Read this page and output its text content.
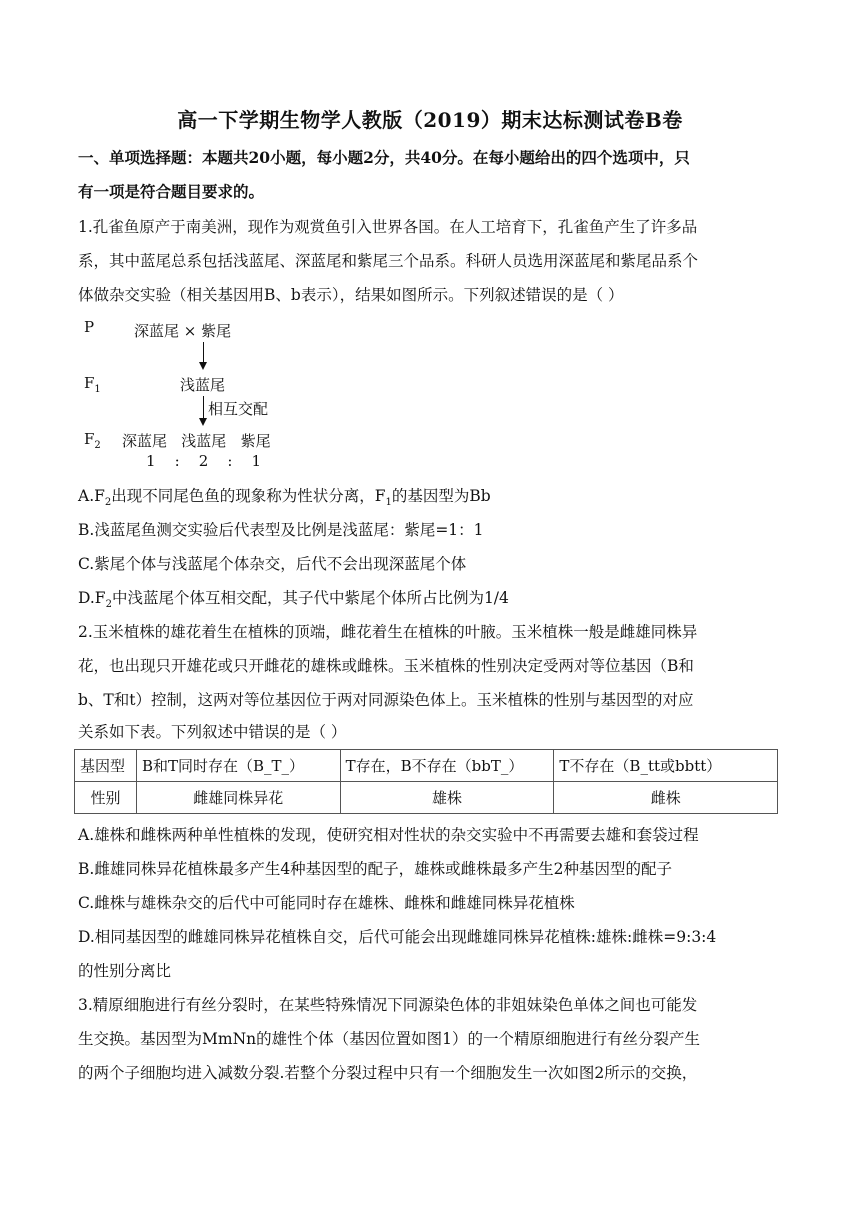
高一下学期生物学人教版（2019）期末达标测试卷B卷
一、单项选择题：本题共20小题，每小题2分，共40分。在每小题给出的四个选项中，只
有一项是符合题目要求的。
1.孔雀鱼原产于南美洲，现作为观赏鱼引入世界各国。在人工培育下，孔雀鱼产生了许多品
系，其中蓝尾总系包括浅蓝尾、深蓝尾和紫尾三个品系。科研人员选用深蓝尾和紫尾品系个
体做杂交实验（相关基因用B、b表示），结果如图所示。下列叙述错误的是（ ）
P	深蓝尾 × 紫尾
$F_1$	浅蓝尾
相互交配
$F_2$ 深蓝尾   浅蓝尾   紫尾
1    :    2    :    1
$A.F_2$出现不同尾色鱼的现象称为性状分离，$F_1$的基因型为Bb
B.浅蓝尾鱼测交实验后代表型及比例是浅蓝尾：紫尾=1：1
C.紫尾个体与浅蓝尾个体杂交，后代不会出现深蓝尾个体
$D.F_2$中浅蓝尾个体互相交配，其子代中紫尾个体所占比例为1/4
2.玉米植株的雄花着生在植株的顶端，雌花着生在植株的叶腋。玉米植株一般是雌雄同株异
花，也出现只开雄花或只开雌花的雄株或雌株。玉米植株的性别决定受两对等位基因（B和
b、T和t）控制，这两对等位基因位于两对同源染色体上。玉米植株的性别与基因型的对应
关系如下表。下列叙述中错误的是（ ）
基因型	B和T同时存在（B_T_）	T存在，B不存在（bbT_）	T不存在（B_tt或bbtt）
性别	雌雄同株异花	雄株	雌株
A.雄株和雌株两种单性植株的发现，使研究相对性状的杂交实验中不再需要去雄和套袋过程
B.雌雄同株异花植株最多产生4种基因型的配子，雄株或雌株最多产生2种基因型的配子
C.雌株与雄株杂交的后代中可能同时存在雄株、雌株和雌雄同株异花植株
D.相同基因型的雌雄同株异花植株自交，后代可能会出现雌雄同株异花植株:雄株:雌株=9:3:4
的性别分离比
3.精原细胞进行有丝分裂时，在某些特殊情况下同源染色体的非姐妹染色单体之间也可能发
生交换。基因型为MmNn的雄性个体（基因位置如图1）的一个精原细胞进行有丝分裂产生
的两个子细胞均进入减数分裂.若整个分裂过程中只有一个细胞发生一次如图2所示的交换，
